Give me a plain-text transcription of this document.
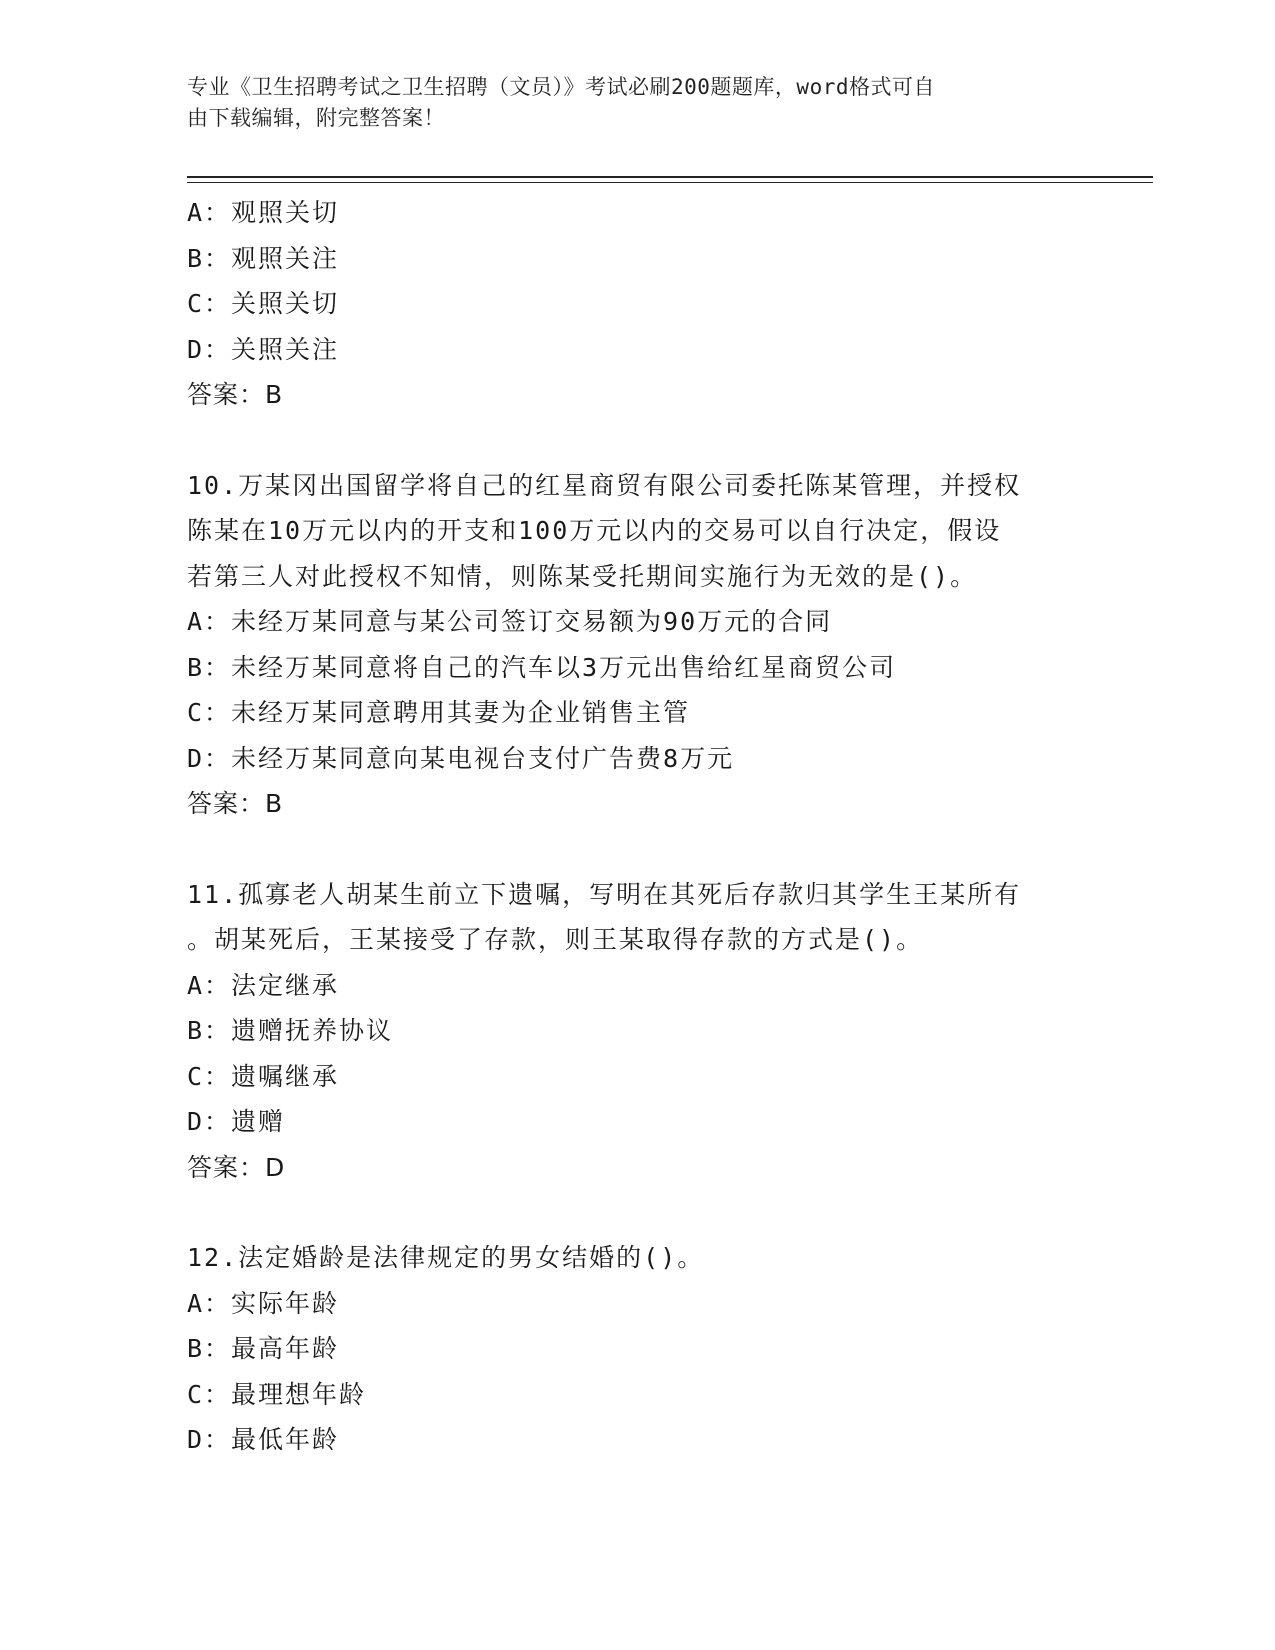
专业《卫生招聘考试之卫生招聘（文员）》考试必刷200题题库，word格式可自
由下载编辑，附完整答案！
A：观照关切
B：观照关注
C：关照关切
D：关照关注
答案：B
10.万某冈出国留学将自己的红星商贸有限公司委托陈某管理，并授权
陈某在10万元以内的开支和100万元以内的交易可以自行决定，假设
若第三人对此授权不知情，则陈某受托期间实施行为无效的是()。
A：未经万某同意与某公司签订交易额为90万元的合同
B：未经万某同意将自己的汽车以3万元出售给红星商贸公司
C：未经万某同意聘用其妻为企业销售主管
D：未经万某同意向某电视台支付广告费8万元
答案：B
11.孤寡老人胡某生前立下遗嘱，写明在其死后存款归其学生王某所有
。胡某死后，王某接受了存款，则王某取得存款的方式是()。
A：法定继承
B：遗赠抚养协议
C：遗嘱继承
D：遗赠
答案：D
12.法定婚龄是法律规定的男女结婚的()。
A：实际年龄
B：最高年龄
C：最理想年龄
D：最低年龄
